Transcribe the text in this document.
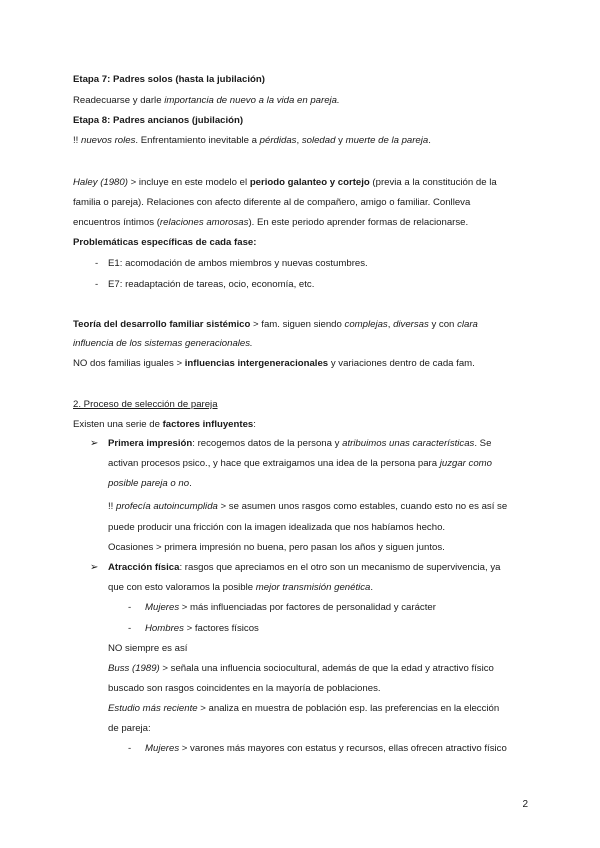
Etapa 7: Padres solos (hasta la jubilación)
Readecuarse y darle importancia de nuevo a la vida en pareja.
Etapa 8: Padres ancianos (jubilación)
!! nuevos roles. Enfrentamiento inevitable a pérdidas, soledad y muerte de la pareja.
Haley (1980) > incluye en este modelo el periodo galanteo y cortejo (previa a la constitución de la
familia o pareja). Relaciones con afecto diferente al de compañero, amigo o familiar. Conlleva
encuentros íntimos (relaciones amorosas). En este periodo aprender formas de relacionarse.
Problemáticas específicas de cada fase:
- E1: acomodación de ambos miembros y nuevas costumbres.
- E7: readaptación de tareas, ocio, economía, etc.
Teoría del desarrollo familiar sistémico > fam. siguen siendo complejas, diversas y con clara
influencia de los sistemas generacionales.
NO dos familias iguales > influencias intergeneracionales y variaciones dentro de cada fam.
2. Proceso de selección de pareja
Existen una serie de factores influyentes:
➢ Primera impresión: recogemos datos de la persona y atribuimos unas características. Se
activan procesos psico., y hace que extraigamos una idea de la persona para juzgar como
posible pareja o no.
!! profecía autoincumplida > se asumen unos rasgos como estables, cuando esto no es así se
puede producir una fricción con la imagen idealizada que nos habíamos hecho.
Ocasiones > primera impresión no buena, pero pasan los años y siguen juntos.
➢ Atracción física: rasgos que apreciamos en el otro son un mecanismo de supervivencia, ya
que con esto valoramos la posible mejor transmisión genética.
- Mujeres > más influenciadas por factores de personalidad y carácter
- Hombres > factores físicos
NO siempre es así
Buss (1989) > señala una influencia sociocultural, además de que la edad y atractivo físico
buscado son rasgos coincidentes en la mayoría de poblaciones.
Estudio más reciente > analiza en muestra de población esp. las preferencias en la elección
de pareja:
- Mujeres > varones más mayores con estatus y recursos, ellas ofrecen atractivo físico
2
